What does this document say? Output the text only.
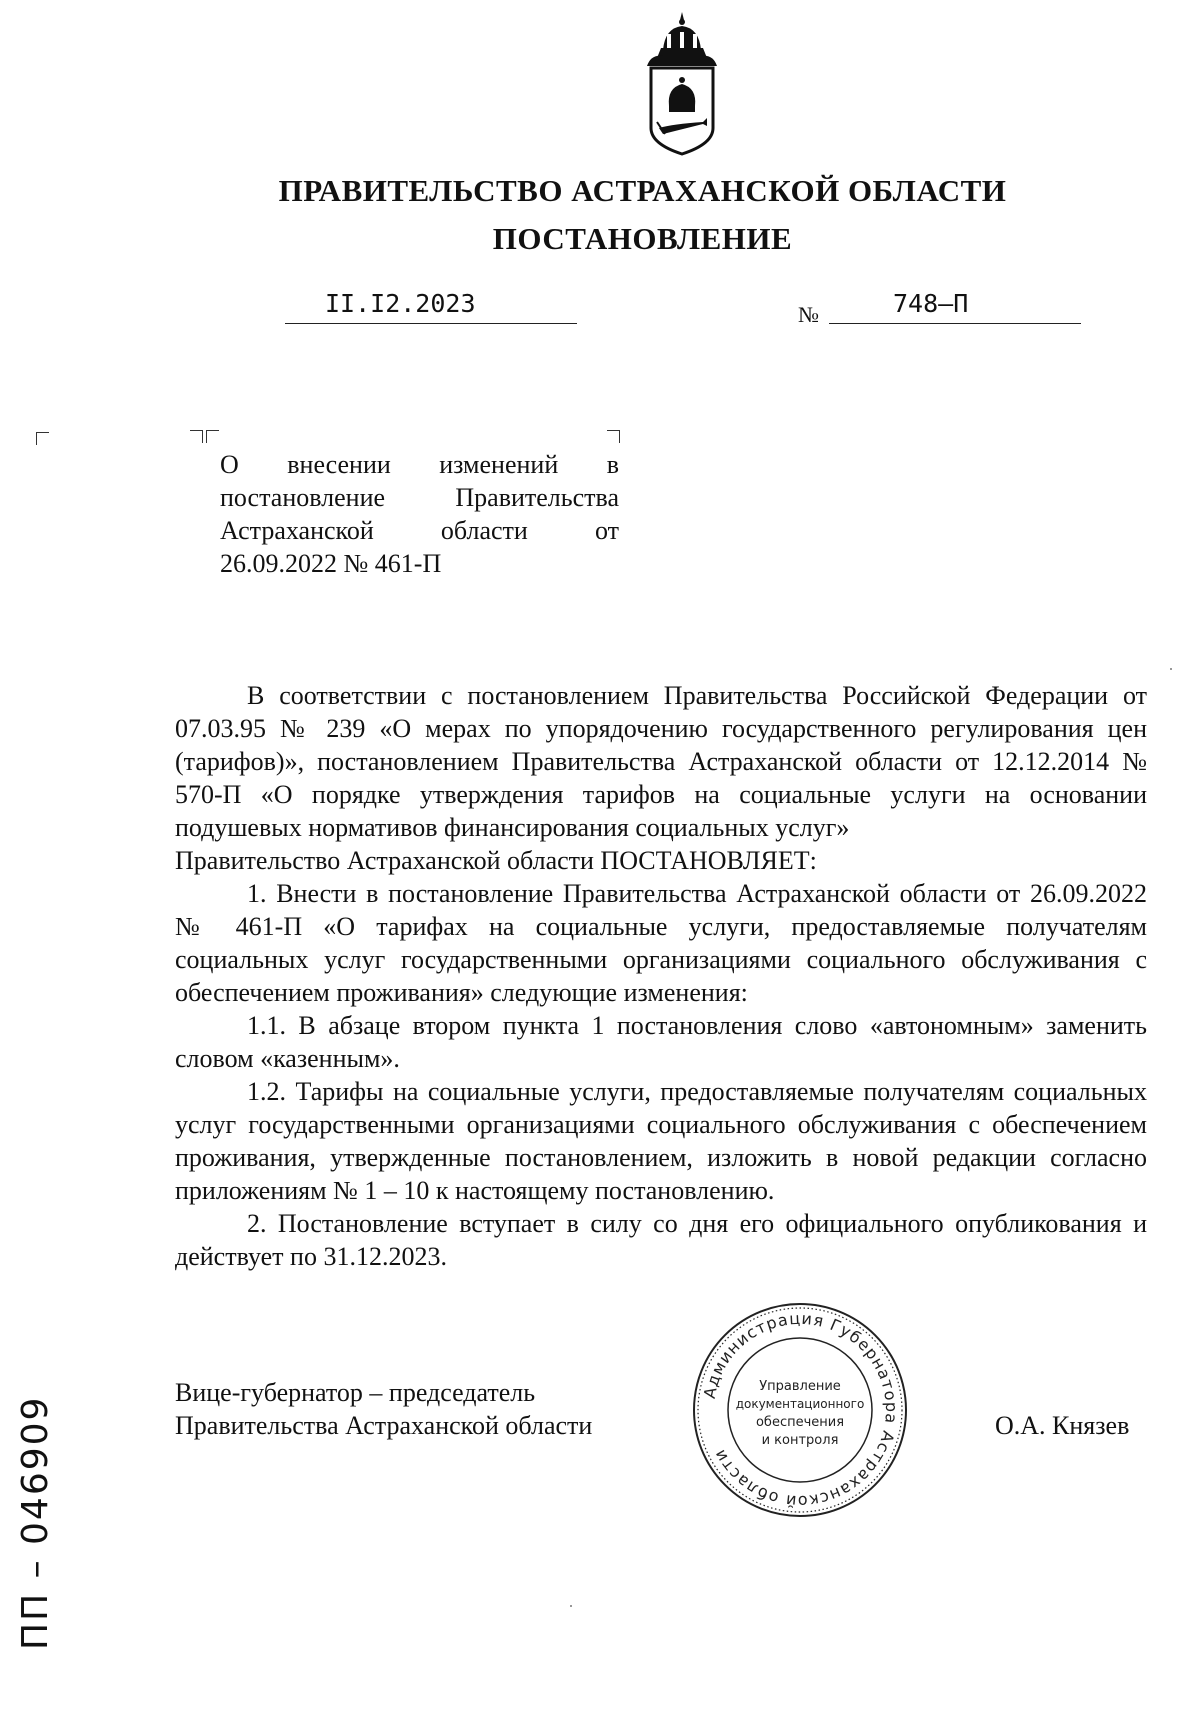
ПРАВИТЕЛЬСТВО АСТРАХАНСКОЙ ОБЛАСТИ
ПОСТАНОВЛЕНИЕ
II.I2.2023	№	748–П
О внесении изменений в
постановление Правительства
Астраханской области от
26.09.2022 № 461-П

В соответствии с постановлением Правительства Российской Федерации от 07.03.95 № 239 «О мерах по упорядочению государственного регулирования цен (тарифов)», постановлением Правительства Астраханской области от 12.12.2014 № 570-П «О порядке утверждения тарифов на социальные услуги на основании подушевых нормативов финансирования социальных услуг»

Правительство Астраханской области ПОСТАНОВЛЯЕТ:

1. Внести в постановление Правительства Астраханской области от 26.09.2022 № 461-П «О тарифах на социальные услуги, предоставляемые получателям социальных услуг государственными организациями социального обслуживания с обеспечением проживания» следующие изменения:

1.1. В абзаце втором пункта 1 постановления слово «автономным» заменить словом «казенным».

1.2. Тарифы на социальные услуги, предоставляемые получателям социальных услуг государственными организациями социального обслуживания с обеспечением проживания, утвержденные постановлением, изложить в новой редакции согласно приложениям № 1 – 10 к настоящему постановлению.

2. Постановление вступает в силу со дня его официального опубликования и действует по 31.12.2023.

Вице-губернатор – председатель
Правительства Астраханской области	О.А. Князев
Администрация Губернатора Астраханской области
Управление
документационного
обеспечения
и контроля
ПП – 046909
